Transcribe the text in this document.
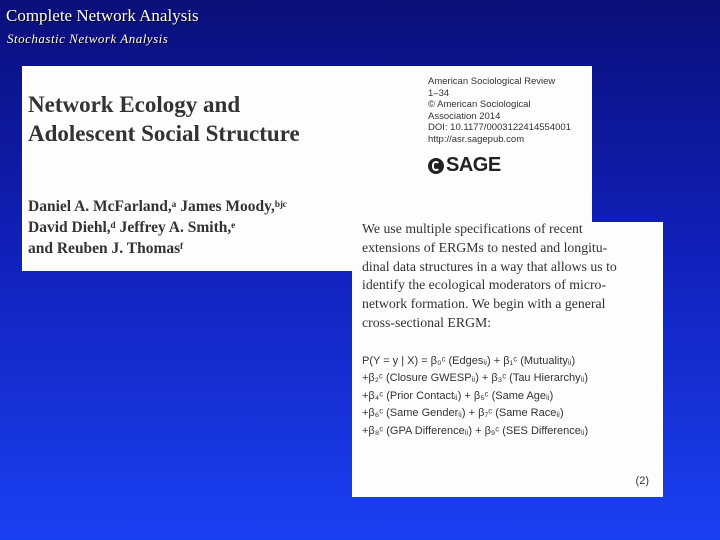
Complete Network Analysis
Stochastic Network Analysis
Network Ecology and
Adolescent Social Structure
American Sociological Review
1–34
© American Sociological
Association 2014
DOI: 10.1177/0003122414554001
http://asr.sagepub.com
SAGE
Daniel A. McFarland,ᵃ James Moody,ᵇʲᶜ
David Diehl,ᵈ Jeffrey A. Smith,ᵉ
and Reuben J. Thomasᶠ
We use multiple specifications of recent
extensions of ERGMs to nested and longitu-
dinal data structures in a way that allows us to
identify the ecological moderators of micro-
network formation. We begin with a general
cross-sectional ERGM:
P(Y = y | X) = β₀ᶜ (Edgesᵢⱼ) + β₁ᶜ (Mutualityᵢⱼ)
+β₂ᶜ (Closure GWESPᵢⱼ) + β₃ᶜ (Tau Hierarchyᵢⱼ)
+β₄ᶜ (Prior Contactᵢⱼ) + β₅ᶜ (Same Ageᵢⱼ)
+β₆ᶜ (Same Genderᵢⱼ) + β₇ᶜ (Same Raceᵢⱼ)
+β₈ᶜ (GPA Differenceᵢⱼ) + β₉ᶜ (SES Differenceᵢⱼ)
(2)
